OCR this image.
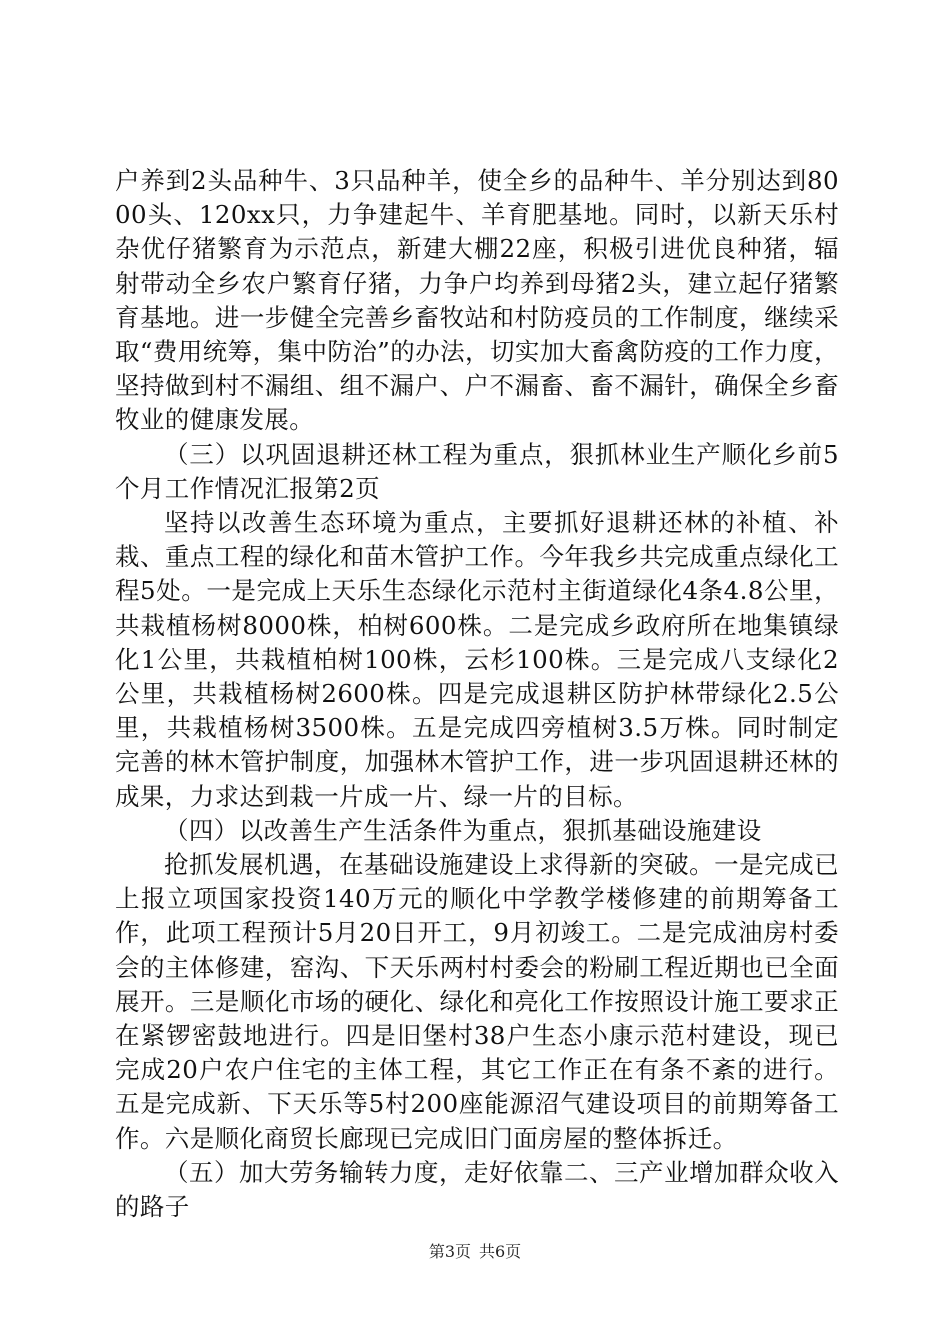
户养到2头品种牛、3只品种羊，使全乡的品种牛、羊分别达到8000头、120xx只，力争建起牛、羊育肥基地。同时，以新天乐村杂优仔猪繁育为示范点，新建大棚22座，积极引进优良种猪，辐射带动全乡农户繁育仔猪，力争户均养到母猪2头，建立起仔猪繁育基地。进一步健全完善乡畜牧站和村防疫员的工作制度，继续采取“费用统筹，集中防治”的办法，切实加大畜禽防疫的工作力度，坚持做到村不漏组、组不漏户、户不漏畜、畜不漏针，确保全乡畜牧业的健康发展。

（三）以巩固退耕还林工程为重点，狠抓林业生产顺化乡前5个月工作情况汇报第2页

坚持以改善生态环境为重点，主要抓好退耕还林的补植、补栽、重点工程的绿化和苗木管护工作。今年我乡共完成重点绿化工程5处。一是完成上天乐生态绿化示范村主街道绿化4条4.8公里，共栽植杨树8000株，柏树600株。二是完成乡政府所在地集镇绿化1公里，共栽植柏树100株，云杉100株。三是完成八支绿化2公里，共栽植杨树2600株。四是完成退耕区防护林带绿化2.5公里，共栽植杨树3500株。五是完成四旁植树3.5万株。同时制定完善的林木管护制度，加强林木管护工作，进一步巩固退耕还林的成果，力求达到栽一片成一片、绿一片的目标。

（四）以改善生产生活条件为重点，狠抓基础设施建设

抢抓发展机遇，在基础设施建设上求得新的突破。一是完成已上报立项国家投资140万元的顺化中学教学楼修建的前期筹备工作，此项工程预计5月20日开工，9月初竣工。二是完成油房村委会的主体修建，窑沟、下天乐两村村委会的粉刷工程近期也已全面展开。三是顺化市场的硬化、绿化和亮化工作按照设计施工要求正在紧锣密鼓地进行。四是旧堡村38户生态小康示范村建设，现已完成20户农户住宅的主体工程，其它工作正在有条不紊的进行。五是完成新、下天乐等5村200座能源沼气建设项目的前期筹备工作。六是顺化商贸长廊现已完成旧门面房屋的整体拆迁。

（五）加大劳务输转力度，走好依靠二、三产业增加群众收入的路子

第3页 共6页
